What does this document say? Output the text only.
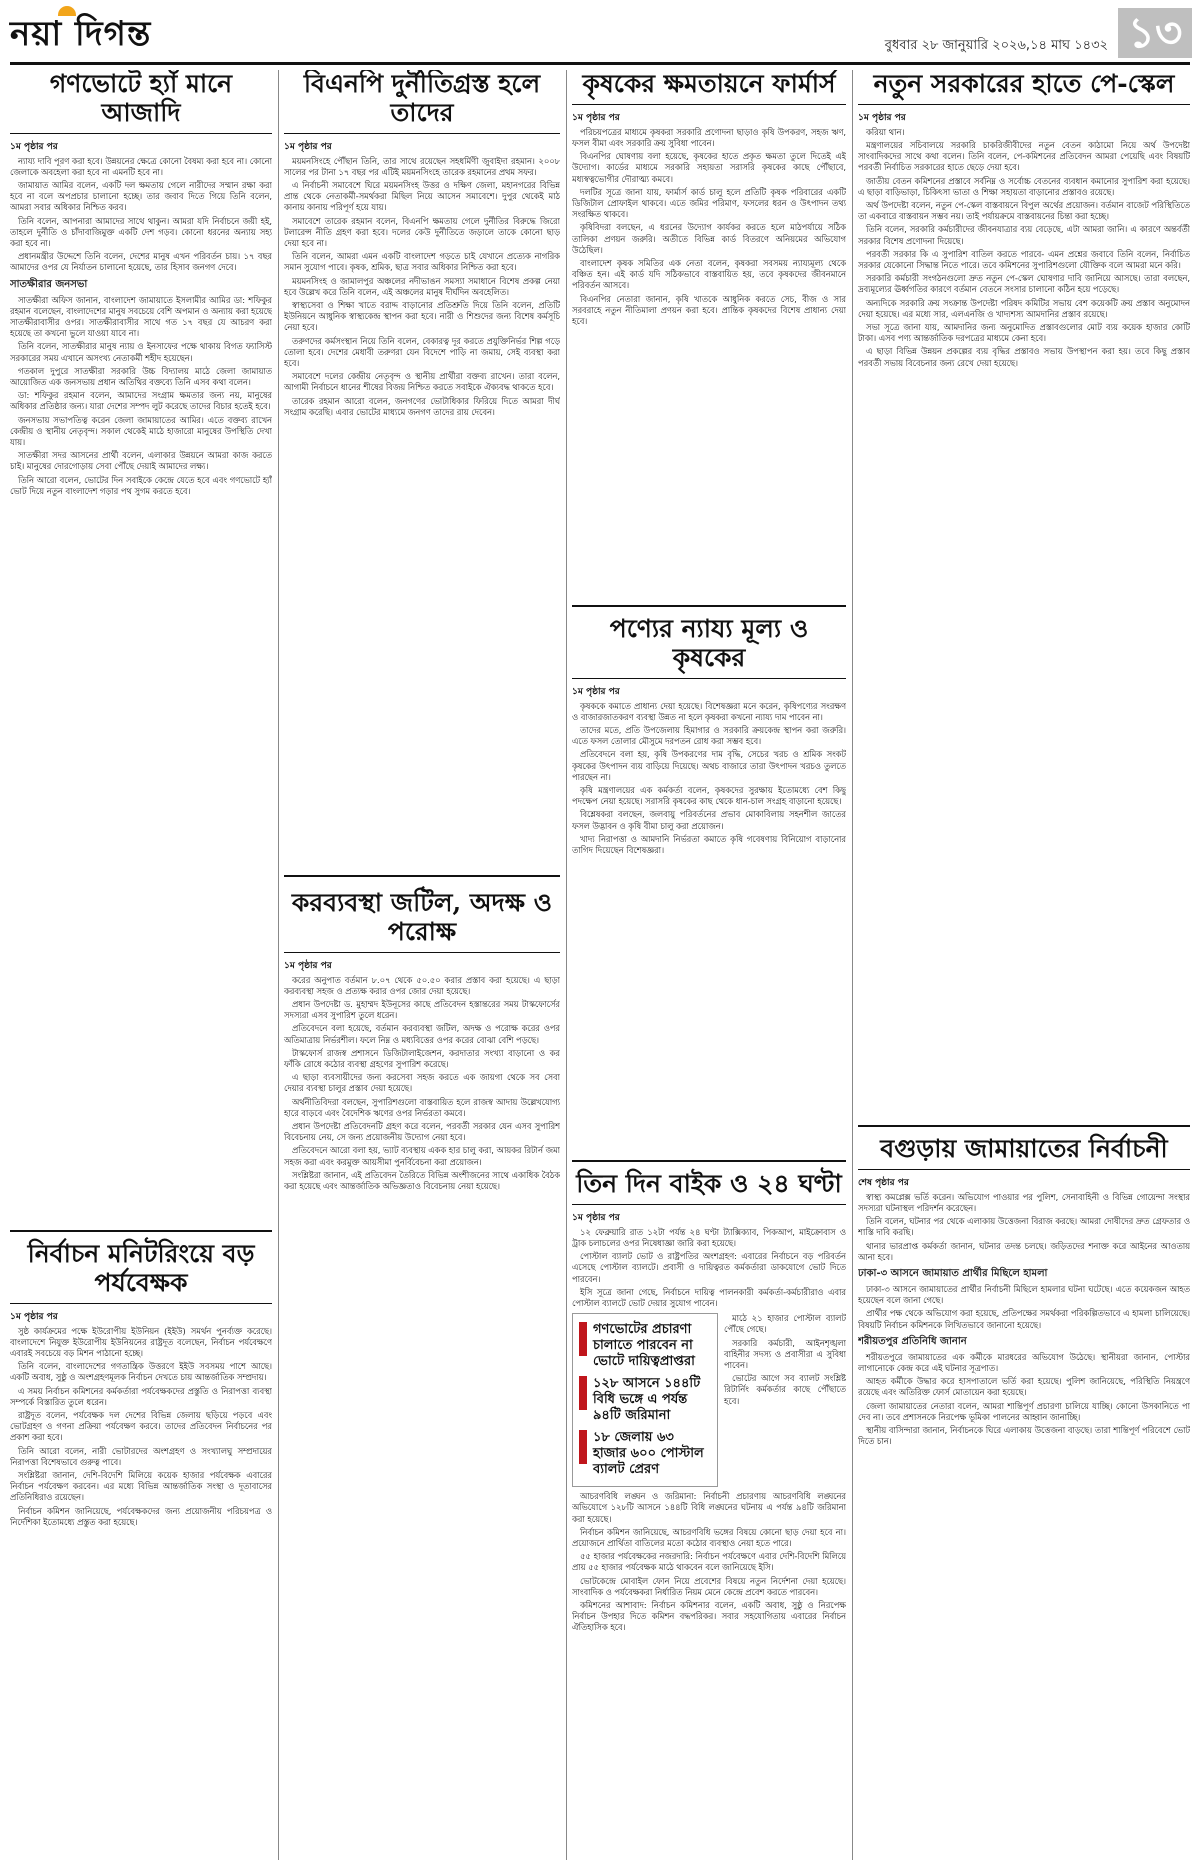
নয়া দিগন্ত	বুধবার ২৮ জানুয়ারি ২০২৬,১৪ মাঘ ১৪৩২ ১৩
গণভোটে হ্যাঁ মানে আজাদি
১ম পৃষ্ঠার পর

ন্যায্য দাবি পূরণ করা হবে। উন্নয়নের ক্ষেত্রে কোনো বৈষম্য করা হবে না। কোনো জেলাকে অবহেলা করা হবে না এমনটি হবে না।

জামায়াত আমির বলেন, একটি দল ক্ষমতায় গেলে নারীদের সম্মান রক্ষা করা হবে না বলে অপপ্রচার চালানো হচ্ছে। তার জবাব দিতে গিয়ে তিনি বলেন, আমরা সবার অধিকার নিশ্চিত করব।

তিনি বলেন, আপনারা আমাদের সাথে থাকুন। আমরা যদি নির্বাচনে জয়ী হই, তাহলে দুর্নীতি ও চাঁদাবাজিমুক্ত একটি দেশ গড়ব। কোনো ধরনের অন্যায় সহ্য করা হবে না।

প্রধানমন্ত্রীর উদ্দেশে তিনি বলেন, দেশের মানুষ এখন পরিবর্তন চায়। ১৭ বছর আমাদের ওপর যে নির্যাতন চালানো হয়েছে, তার হিসাব জনগণ দেবে।

সাতক্ষীরার জনসভা

সাতক্ষীরা অফিস জানান, বাংলাদেশ জামায়াতে ইসলামীর আমির ডা: শফিকুর রহমান বলেছেন, বাংলাদেশের মানুষ সবচেয়ে বেশি অপমান ও অন্যায় করা হয়েছে সাতক্ষীরাবাসীর ওপর। সাতক্ষীরাবাসীর সাথে গত ১৭ বছর যে আচরণ করা হয়েছে তা কখনো ভুলে যাওয়া যাবে না।

তিনি বলেন, সাতক্ষীরার মানুষ ন্যায় ও ইনসাফের পক্ষে থাকায় বিগত ফ্যাসিস্ট সরকারের সময় এখানে অসংখ্য নেতাকর্মী শহীদ হয়েছেন।

গতকাল দুপুরে সাতক্ষীরা সরকারি উচ্চ বিদ্যালয় মাঠে জেলা জামায়াত আয়োজিত এক জনসভায় প্রধান অতিথির বক্তব্যে তিনি এসব কথা বলেন।

ডা: শফিকুর রহমান বলেন, আমাদের সংগ্রাম ক্ষমতার জন্য নয়, মানুষের অধিকার প্রতিষ্ঠার জন্য। যারা দেশের সম্পদ লুট করেছে তাদের বিচার হতেই হবে।

জনসভায় সভাপতিত্ব করেন জেলা জামায়াতের আমির। এতে বক্তব্য রাখেন কেন্দ্রীয় ও স্থানীয় নেতৃবৃন্দ। সকাল থেকেই মাঠে হাজারো মানুষের উপস্থিতি দেখা যায়।

সাতক্ষীরা সদর আসনের প্রার্থী বলেন, এলাকার উন্নয়নে আমরা কাজ করতে চাই। মানুষের দোরগোড়ায় সেবা পৌঁছে দেয়াই আমাদের লক্ষ্য।

তিনি আরো বলেন, ভোটের দিন সবাইকে কেন্দ্রে যেতে হবে এবং গণভোটে হ্যাঁ ভোট দিয়ে নতুন বাংলাদেশ গড়ার পথ সুগম করতে হবে।

নির্বাচন মনিটরিংয়ে বড় পর্যবেক্ষক
১ম পৃষ্ঠার পর

সুষ্ঠ কার্যক্রমের পক্ষে ইউরোপীয় ইউনিয়ন (ইইউ) সমর্থন পুনর্ব্যক্ত করেছে। বাংলাদেশে নিযুক্ত ইউরোপীয় ইউনিয়নের রাষ্ট্রদূত বলেছেন, নির্বাচন পর্যবেক্ষণে এবারই সবচেয়ে বড় মিশন পাঠানো হচ্ছে।

তিনি বলেন, বাংলাদেশের গণতান্ত্রিক উত্তরণে ইইউ সবসময় পাশে আছে। একটি অবাধ, সুষ্ঠু ও অংশগ্রহণমূলক নির্বাচন দেখতে চায় আন্তর্জাতিক সম্প্রদায়।

এ সময় নির্বাচন কমিশনের কর্মকর্তারা পর্যবেক্ষকদের প্রস্তুতি ও নিরাপত্তা ব্যবস্থা সম্পর্কে বিস্তারিত তুলে ধরেন।

রাষ্ট্রদূত বলেন, পর্যবেক্ষক দল দেশের বিভিন্ন জেলায় ছড়িয়ে পড়বে এবং ভোটগ্রহণ ও গণনা প্রক্রিয়া পর্যবেক্ষণ করবে। তাদের প্রতিবেদন নির্বাচনের পর প্রকাশ করা হবে।

তিনি আরো বলেন, নারী ভোটারদের অংশগ্রহণ ও সংখ্যালঘু সম্প্রদায়ের নিরাপত্তা বিশেষভাবে গুরুত্ব পাবে।

সংশ্লিষ্টরা জানান, দেশি-বিদেশি মিলিয়ে কয়েক হাজার পর্যবেক্ষক এবারের নির্বাচন পর্যবেক্ষণ করবেন। এর মধ্যে বিভিন্ন আন্তর্জাতিক সংস্থা ও দূতাবাসের প্রতিনিধিরাও রয়েছেন।

নির্বাচন কমিশন জানিয়েছে, পর্যবেক্ষকদের জন্য প্রয়োজনীয় পরিচয়পত্র ও নির্দেশিকা ইতোমধ্যে প্রস্তুত করা হয়েছে।

বিএনপি দুর্নীতিগ্রস্ত হলে তাদের
১ম পৃষ্ঠার পর

ময়মনসিংহে পৌঁছান তিনি, তার সাথে রয়েছেন সহধর্মিণী জুবাইদা রহমান। ২০০৮ সালের পর টানা ১৭ বছর পর এটিই ময়মনসিংহে তারেক রহমানের প্রথম সফর।

এ নির্বাচনী সমাবেশে ঘিরে ময়মনসিংহ উত্তর ও দক্ষিণ জেলা, মহানগরের বিভিন্ন প্রান্ত থেকে নেতাকর্মী-সমর্থকরা মিছিল নিয়ে আসেন সমাবেশে। দুপুর থেকেই মাঠ কানায় কানায় পরিপূর্ণ হয়ে যায়।

সমাবেশে তারেক রহমান বলেন, বিএনপি ক্ষমতায় গেলে দুর্নীতির বিরুদ্ধে জিরো টলারেন্স নীতি গ্রহণ করা হবে। দলের কেউ দুর্নীতিতে জড়ালে তাকে কোনো ছাড় দেয়া হবে না।

তিনি বলেন, আমরা এমন একটি বাংলাদেশ গড়তে চাই যেখানে প্রত্যেক নাগরিক সমান সুযোগ পাবে। কৃষক, শ্রমিক, ছাত্র সবার অধিকার নিশ্চিত করা হবে।

ময়মনসিংহ ও জামালপুর অঞ্চলের নদীভাঙন সমস্যা সমাধানে বিশেষ প্রকল্প নেয়া হবে উল্লেখ করে তিনি বলেন, এই অঞ্চলের মানুষ দীর্ঘদিন অবহেলিত।

স্বাস্থ্যসেবা ও শিক্ষা খাতে বরাদ্দ বাড়ানোর প্রতিশ্রুতি দিয়ে তিনি বলেন, প্রতিটি ইউনিয়নে আধুনিক স্বাস্থ্যকেন্দ্র স্থাপন করা হবে। নারী ও শিশুদের জন্য বিশেষ কর্মসূচি নেয়া হবে।

তরুণদের কর্মসংস্থান নিয়ে তিনি বলেন, বেকারত্ব দূর করতে প্রযুক্তিনির্ভর শিল্প গড়ে তোলা হবে। দেশের মেধাবী তরুণরা যেন বিদেশে পাড়ি না জমায়, সেই ব্যবস্থা করা হবে।

সমাবেশে দলের কেন্দ্রীয় নেতৃবৃন্দ ও স্থানীয় প্রার্থীরা বক্তব্য রাখেন। তারা বলেন, আগামী নির্বাচনে ধানের শীষের বিজয় নিশ্চিত করতে সবাইকে ঐক্যবদ্ধ থাকতে হবে।

তারেক রহমান আরো বলেন, জনগণের ভোটাধিকার ফিরিয়ে দিতে আমরা দীর্ঘ সংগ্রাম করেছি। এবার ভোটের মাধ্যমে জনগণ তাদের রায় দেবেন।

করব্যবস্থা জটিল, অদক্ষ ও পরোক্ষ
১ম পৃষ্ঠার পর

করের অনুপাত বর্তমান ৮.০৭ থেকে ৫০.৫০ করার প্রস্তাব করা হয়েছে। এ ছাড়া করব্যবস্থা সহজ ও প্রত্যক্ষ করার ওপর জোর দেয়া হয়েছে।

প্রধান উপদেষ্টা ড. মুহাম্মদ ইউনূসের কাছে প্রতিবেদন হস্তান্তরের সময় টাস্কফোর্সের সদস্যরা এসব সুপারিশ তুলে ধরেন।

প্রতিবেদনে বলা হয়েছে, বর্তমান করব্যবস্থা জটিল, অদক্ষ ও পরোক্ষ করের ওপর অতিমাত্রায় নির্ভরশীল। ফলে নিম্ন ও মধ্যবিত্তের ওপর করের বোঝা বেশি পড়ছে।

টাস্কফোর্স রাজস্ব প্রশাসনে ডিজিটালাইজেশন, করদাতার সংখ্যা বাড়ানো ও কর ফাঁকি রোধে কঠোর ব্যবস্থা গ্রহণের সুপারিশ করেছে।

এ ছাড়া ব্যবসায়ীদের জন্য করসেবা সহজ করতে এক জায়গা থেকে সব সেবা দেয়ার ব্যবস্থা চালুর প্রস্তাব দেয়া হয়েছে।

অর্থনীতিবিদরা বলছেন, সুপারিশগুলো বাস্তবায়িত হলে রাজস্ব আদায় উল্লেখযোগ্য হারে বাড়বে এবং বৈদেশিক ঋণের ওপর নির্ভরতা কমবে।

প্রধান উপদেষ্টা প্রতিবেদনটি গ্রহণ করে বলেন, পরবর্তী সরকার যেন এসব সুপারিশ বিবেচনায় নেয়, সে জন্য প্রয়োজনীয় উদ্যোগ নেয়া হবে।

প্রতিবেদনে আরো বলা হয়, ভ্যাট ব্যবস্থায় একক হার চালু করা, আয়কর রিটার্ন জমা সহজ করা এবং করমুক্ত আয়সীমা পুনর্বিবেচনা করা প্রয়োজন।

সংশ্লিষ্টরা জানান, এই প্রতিবেদন তৈরিতে বিভিন্ন অংশীজনের সাথে একাধিক বৈঠক করা হয়েছে এবং আন্তর্জাতিক অভিজ্ঞতাও বিবেচনায় নেয়া হয়েছে।

কৃষকের ক্ষমতায়নে ফার্মার্স
১ম পৃষ্ঠার পর

পরিচয়পত্রের মাধ্যমে কৃষকরা সরকারি প্রণোদনা ছাড়াও কৃষি উপকরণ, সহজ ঋণ, ফসল বীমা এবং সরকারি ক্রয় সুবিধা পাবেন।

বিএনপির ঘোষণায় বলা হয়েছে, কৃষকের হাতে প্রকৃত ক্ষমতা তুলে দিতেই এই উদ্যোগ। কার্ডের মাধ্যমে সরকারি সহায়তা সরাসরি কৃষকের কাছে পৌঁছাবে, মধ্যস্বত্বভোগীর দৌরাত্ম্য কমবে।

দলটির সূত্রে জানা যায়, ফার্মার্স কার্ড চালু হলে প্রতিটি কৃষক পরিবারের একটি ডিজিটাল প্রোফাইল থাকবে। এতে জমির পরিমাণ, ফসলের ধরন ও উৎপাদন তথ্য সংরক্ষিত থাকবে।

কৃষিবিদরা বলছেন, এ ধরনের উদ্যোগ কার্যকর করতে হলে মাঠপর্যায়ে সঠিক তালিকা প্রণয়ন জরুরি। অতীতে বিভিন্ন কার্ড বিতরণে অনিয়মের অভিযোগ উঠেছিল।

বাংলাদেশ কৃষক সমিতির এক নেতা বলেন, কৃষকরা সবসময় ন্যায্যমূল্য থেকে বঞ্চিত হন। এই কার্ড যদি সঠিকভাবে বাস্তবায়িত হয়, তবে কৃষকদের জীবনমানে পরিবর্তন আসবে।

বিএনপির নেতারা জানান, কৃষি খাতকে আধুনিক করতে সেচ, বীজ ও সার সরবরাহে নতুন নীতিমালা প্রণয়ন করা হবে। প্রান্তিক কৃষকদের বিশেষ প্রাধান্য দেয়া হবে।

পণ্যের ন্যায্য মূল্য ও কৃষকের
১ম পৃষ্ঠার পর

কৃষককে কমাতে প্রাধান্য দেয়া হয়েছে। বিশেষজ্ঞরা মনে করেন, কৃষিপণ্যের সংরক্ষণ ও বাজারজাতকরণ ব্যবস্থা উন্নত না হলে কৃষকরা কখনো ন্যায্য দাম পাবেন না।

তাদের মতে, প্রতি উপজেলায় হিমাগার ও সরকারি ক্রয়কেন্দ্র স্থাপন করা জরুরি। এতে ফসল তোলার মৌসুমে দরপতন রোধ করা সম্ভব হবে।

প্রতিবেদনে বলা হয়, কৃষি উপকরণের দাম বৃদ্ধি, সেচের খরচ ও শ্রমিক সংকট কৃষকের উৎপাদন ব্যয় বাড়িয়ে দিয়েছে। অথচ বাজারে তারা উৎপাদন খরচও তুলতে পারছেন না।

কৃষি মন্ত্রণালয়ের এক কর্মকর্তা বলেন, কৃষকদের সুরক্ষায় ইতোমধ্যে বেশ কিছু পদক্ষেপ নেয়া হয়েছে। সরাসরি কৃষকের কাছ থেকে ধান-চাল সংগ্রহ বাড়ানো হয়েছে।

বিশ্লেষকরা বলছেন, জলবায়ু পরিবর্তনের প্রভাব মোকাবিলায় সহনশীল জাতের ফসল উদ্ভাবন ও কৃষি বীমা চালু করা প্রয়োজন।

খাদ্য নিরাপত্তা ও আমদানি নির্ভরতা কমাতে কৃষি গবেষণায় বিনিয়োগ বাড়ানোর তাগিদ দিয়েছেন বিশেষজ্ঞরা।

তিন দিন বাইক ও ২৪ ঘণ্টা
১ম পৃষ্ঠার পর

১২ ফেব্রুয়ারি রাত ১২টা পর্যন্ত ২৪ ঘণ্টা ট্যাক্সিক্যাব, পিকআপ, মাইক্রোবাস ও ট্রাক চলাচলের ওপর নিষেধাজ্ঞা জারি করা হয়েছে।

পোস্টাল ব্যালট ভোট ও রাষ্ট্রপতির অংশগ্রহণ: এবারের নির্বাচনে বড় পরিবর্তন এসেছে পোস্টাল ব্যালটে। প্রবাসী ও দায়িত্বরত কর্মকর্তারা ডাকযোগে ভোট দিতে পারবেন।

ইসি সূত্রে জানা গেছে, নির্বাচনে দায়িত্ব পালনকারী কর্মকর্তা-কর্মচারীরাও এবার পোস্টাল ব্যালটে ভোট দেয়ার সুযোগ পাবেন।

গণভোটের প্রচারণা চালাতে পারবেন না ভোটে দায়িত্বপ্রাপ্তরা
১২৮ আসনে ১৪৪টি বিধি ভঙ্গে এ পর্যন্ত ৯৪টি জরিমানা
১৮ জেলায় ৬৩ হাজার ৬০০ পোস্টাল ব্যালট প্রেরণ

মাঠে ২১ হাজার পোস্টাল ব্যালট পৌঁছে গেছে।

সরকারি কর্মচারী, আইনশৃঙ্খলা বাহিনীর সদস্য ও প্রবাসীরা এ সুবিধা পাবেন।

ভোটের আগে সব ব্যালট সংশ্লিষ্ট রিটার্নিং কর্মকর্তার কাছে পৌঁছাতে হবে।

আচরণবিধি লঙ্ঘন ও জরিমানা: নির্বাচনী প্রচারণায় আচরণবিধি লঙ্ঘনের অভিযোগে ১২৮টি আসনে ১৪৪টি বিধি লঙ্ঘনের ঘটনায় এ পর্যন্ত ৯৪টি জরিমানা করা হয়েছে।

নির্বাচন কমিশন জানিয়েছে, আচরণবিধি ভঙ্গের বিষয়ে কোনো ছাড় দেয়া হবে না। প্রয়োজনে প্রার্থিতা বাতিলের মতো কঠোর ব্যবস্থাও নেয়া হতে পারে।

৫৫ হাজার পর্যবেক্ষকের নজরদারি: নির্বাচন পর্যবেক্ষণে এবার দেশি-বিদেশি মিলিয়ে প্রায় ৫৫ হাজার পর্যবেক্ষক মাঠে থাকবেন বলে জানিয়েছে ইসি।

ভোটকেন্দ্রে মোবাইল ফোন নিয়ে প্রবেশের বিষয়ে নতুন নির্দেশনা দেয়া হয়েছে। সাংবাদিক ও পর্যবেক্ষকরা নির্ধারিত নিয়ম মেনে কেন্দ্রে প্রবেশ করতে পারবেন।

কমিশনের আশাবাদ: নির্বাচন কমিশনার বলেন, একটি অবাধ, সুষ্ঠু ও নিরপেক্ষ নির্বাচন উপহার দিতে কমিশন বদ্ধপরিকর। সবার সহযোগিতায় এবারের নির্বাচন ঐতিহাসিক হবে।

নতুন সরকারের হাতে পে-স্কেল
১ম পৃষ্ঠার পর

করিয়া থান।

মন্ত্রণালয়ের সচিবালয়ে সরকারি চাকরিজীবীদের নতুন বেতন কাঠামো নিয়ে অর্থ উপদেষ্টা সাংবাদিকদের সাথে কথা বলেন। তিনি বলেন, পে-কমিশনের প্রতিবেদন আমরা পেয়েছি এবং বিষয়টি পরবর্তী নির্বাচিত সরকারের হাতে ছেড়ে দেয়া হবে।

জাতীয় বেতন কমিশনের প্রস্তাবে সর্বনিম্ন ও সর্বোচ্চ বেতনের ব্যবধান কমানোর সুপারিশ করা হয়েছে। এ ছাড়া বাড়িভাড়া, চিকিৎসা ভাতা ও শিক্ষা সহায়তা বাড়ানোর প্রস্তাবও রয়েছে।

অর্থ উপদেষ্টা বলেন, নতুন পে-স্কেল বাস্তবায়নে বিপুল অর্থের প্রয়োজন। বর্তমান বাজেট পরিস্থিতিতে তা একবারে বাস্তবায়ন সম্ভব নয়। তাই পর্যায়ক্রমে বাস্তবায়নের চিন্তা করা হচ্ছে।

তিনি বলেন, সরকারি কর্মচারীদের জীবনযাত্রার ব্যয় বেড়েছে, এটা আমরা জানি। এ কারণে অন্তর্বর্তী সরকার বিশেষ প্রণোদনা দিয়েছে।

পরবর্তী সরকার কি এ সুপারিশ বাতিল করতে পারবে- এমন প্রশ্নের জবাবে তিনি বলেন, নির্বাচিত সরকার যেকোনো সিদ্ধান্ত নিতে পারে। তবে কমিশনের সুপারিশগুলো যৌক্তিক বলে আমরা মনে করি।

সরকারি কর্মচারী সংগঠনগুলো দ্রুত নতুন পে-স্কেল ঘোষণার দাবি জানিয়ে আসছে। তারা বলছেন, দ্রব্যমূল্যের ঊর্ধ্বগতির কারণে বর্তমান বেতনে সংসার চালানো কঠিন হয়ে পড়েছে।

অন্যদিকে সরকারি ক্রয় সংক্রান্ত উপদেষ্টা পরিষদ কমিটির সভায় বেশ কয়েকটি ক্রয় প্রস্তাব অনুমোদন দেয়া হয়েছে। এর মধ্যে সার, এলএনজি ও খাদ্যশস্য আমদানির প্রস্তাব রয়েছে।

সভা সূত্রে জানা যায়, আমদানির জন্য অনুমোদিত প্রস্তাবগুলোর মোট ব্যয় কয়েক হাজার কোটি টাকা। এসব পণ্য আন্তর্জাতিক দরপত্রের মাধ্যমে কেনা হবে।

এ ছাড়া বিভিন্ন উন্নয়ন প্রকল্পের ব্যয় বৃদ্ধির প্রস্তাবও সভায় উপস্থাপন করা হয়। তবে কিছু প্রস্তাব পরবর্তী সভায় বিবেচনার জন্য রেখে দেয়া হয়েছে।

বগুড়ায় জামায়াতের নির্বাচনী
শেষ পৃষ্ঠার পর

স্বাস্থ্য কমপ্লেক্স ভর্তি করেন। অভিযোগ পাওয়ার পর পুলিশ, সেনাবাহিনী ও বিভিন্ন গোয়েন্দা সংস্থার সদস্যরা ঘটনাস্থল পরিদর্শন করেছেন।

তিনি বলেন, ঘটনার পর থেকে এলাকায় উত্তেজনা বিরাজ করছে। আমরা দোষীদের দ্রুত গ্রেফতার ও শাস্তি দাবি করছি।

থানার ভারপ্রাপ্ত কর্মকর্তা জানান, ঘটনার তদন্ত চলছে। জড়িতদের শনাক্ত করে আইনের আওতায় আনা হবে।

ঢাকা-৩ আসনে জামায়াত প্রার্থীর মিছিলে হামলা

ঢাকা-৩ আসনে জামায়াতের প্রার্থীর নির্বাচনী মিছিলে হামলার ঘটনা ঘটেছে। এতে কয়েকজন আহত হয়েছেন বলে জানা গেছে।

প্রার্থীর পক্ষ থেকে অভিযোগ করা হয়েছে, প্রতিপক্ষের সমর্থকরা পরিকল্পিতভাবে এ হামলা চালিয়েছে। বিষয়টি নির্বাচন কমিশনকে লিখিতভাবে জানানো হয়েছে।

শরীয়তপুর প্রতিনিধি জানান

শরীয়তপুরে জামায়াতের এক কর্মীকে মারধরের অভিযোগ উঠেছে। স্থানীয়রা জানান, পোস্টার লাগানোকে কেন্দ্র করে এই ঘটনার সূত্রপাত।

আহত কর্মীকে উদ্ধার করে হাসপাতালে ভর্তি করা হয়েছে। পুলিশ জানিয়েছে, পরিস্থিতি নিয়ন্ত্রণে রয়েছে এবং অতিরিক্ত ফোর্স মোতায়েন করা হয়েছে।

জেলা জামায়াতের নেতারা বলেন, আমরা শান্তিপূর্ণ প্রচারণা চালিয়ে যাচ্ছি। কোনো উসকানিতে পা দেব না। তবে প্রশাসনকে নিরপেক্ষ ভূমিকা পালনের আহ্বান জানাচ্ছি।

স্থানীয় বাসিন্দারা জানান, নির্বাচনকে ঘিরে এলাকায় উত্তেজনা বাড়ছে। তারা শান্তিপূর্ণ পরিবেশে ভোট দিতে চান।
